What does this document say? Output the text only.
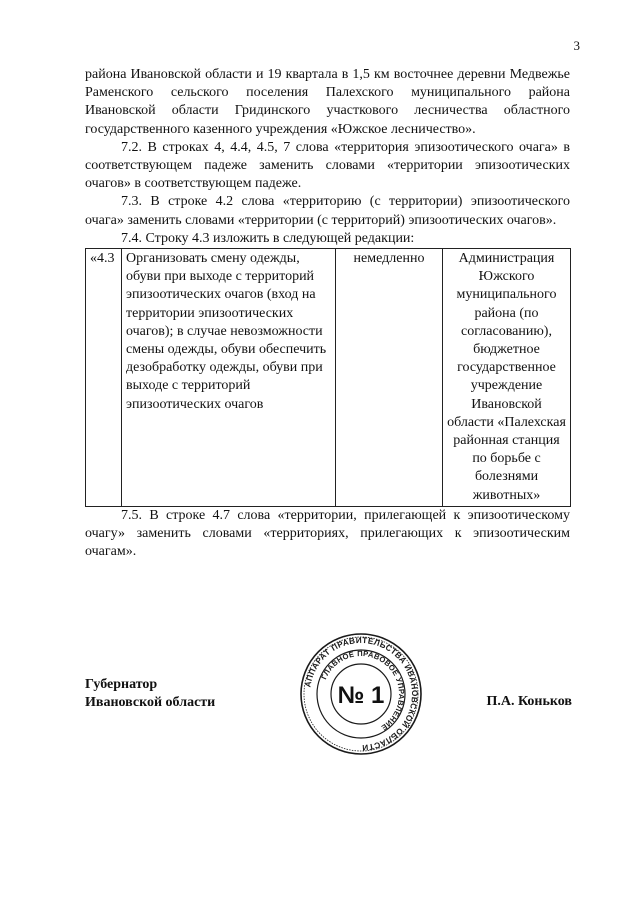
3

района Ивановской области и 19 квартала в 1,5 км восточнее деревни Медвежье Раменского сельского поселения Палехского муниципального района Ивановской области Гридинского участкового лесничества областного государственного казенного учреждения «Южское лесничество».

7.2. В строках 4, 4.4, 4.5, 7 слова «территория эпизоотического очага» в соответствующем падеже заменить словами «территории эпизоотических очагов» в соответствующем падеже.

7.3. В строке 4.2 слова «территорию (с территории) эпизоотического очага» заменить словами «территории (с территорий) эпизоотических очагов».

7.4. Строку 4.3 изложить в следующей редакции:

«4.3	Организовать смену одежды, обуви при выходе с территорий эпизоотических очагов (вход на территории эпизоотических очагов); в случае невозможности смены одежды, обуви обеспечить дезобработку одежды, обуви при выходе с территорий эпизоотических очагов	немедленно	Администрация Южского муниципального района (по согласованию), бюджетное государственное учреждение Ивановской области «Палехская районная станция по борьбе с болезнями животных»

7.5. В строке 4.7 слова «территории, прилегающей к эпизоотическому очагу» заменить словами «территориях, прилегающих к эпизоотическим очагам».

Губернатор
Ивановской области
АППАРАТ ПРАВИТЕЛЬСТВА ИВАНОВСКОЙ ОБЛАСТИ
ГЛАВНОЕ ПРАВОВОЕ УПРАВЛЕНИЕ
№ 1	П.А. Коньков
